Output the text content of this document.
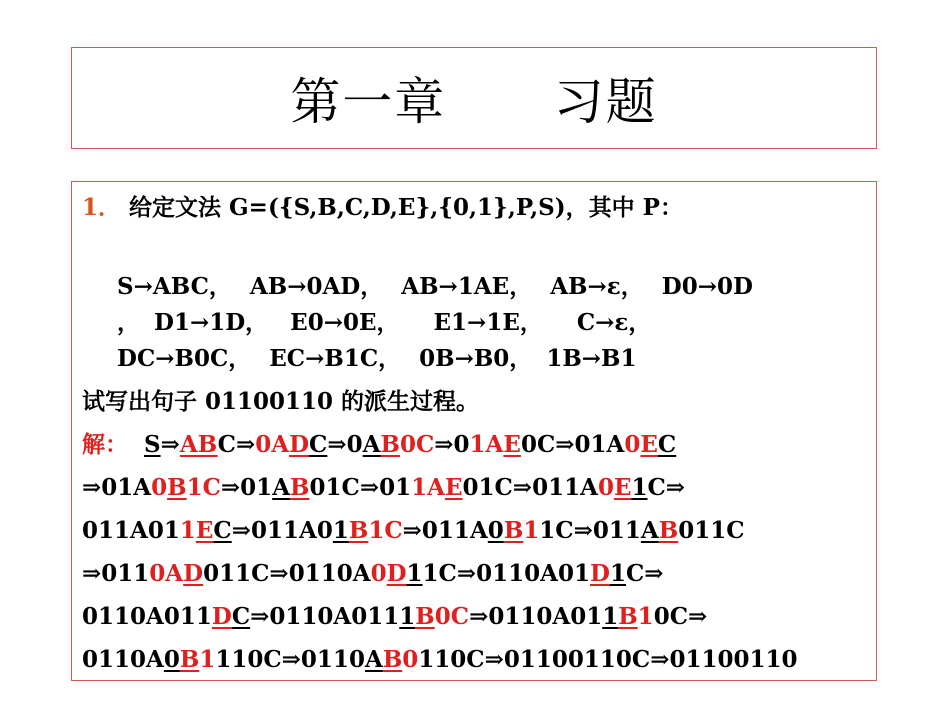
第一章      习题
1． 给定文法 G=({S,B,C,D,E},{0,1},P,S)，其中 P：
S→ABC， AB→0AD， AB→1AE， AB→ε， D0→0D
， D1→1D， E0→0E， E1→1E， C→ε，
DC→B0C， EC→B1C， 0B→B0， 1B→B1
试写出句子 01100110 的派生过程。
解： S⇒ABC⇒0ADC⇒0AB0C⇒01AE0C⇒01A0EC
⇒01A0B1C⇒01AB01C⇒011AE01C⇒011A0E1C⇒
011A011EC⇒011A01B1C⇒011A0B11C⇒011AB011C
⇒0110AD011C⇒0110A0D11C⇒0110A01D1C⇒
0110A011DC⇒0110A0111B0C⇒0110A011B10C⇒
0110A0B1110C⇒0110AB0110C⇒01100110C⇒01100110
